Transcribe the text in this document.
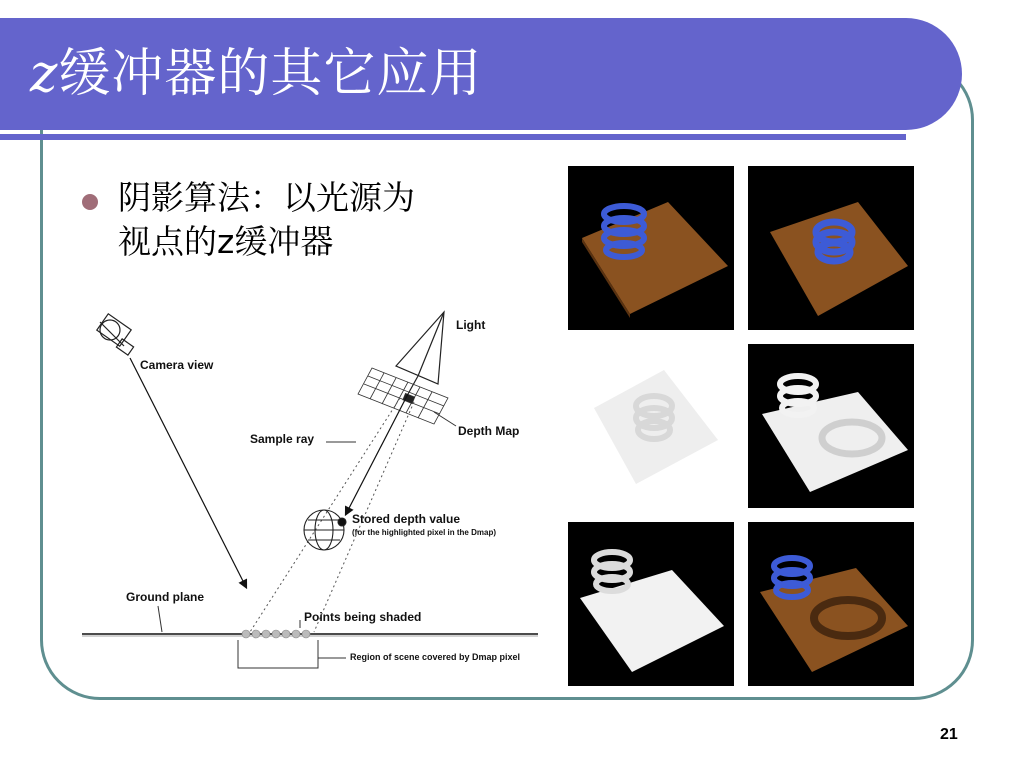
z缓冲器的其它应用
阴影算法：以光源为
视点的z缓冲器
Light
Camera view
Depth Map
Sample ray
Stored depth value
(for the highlighted pixel in the Dmap)
Ground plane
Points being shaded
Region of scene covered by Dmap pixel
21
